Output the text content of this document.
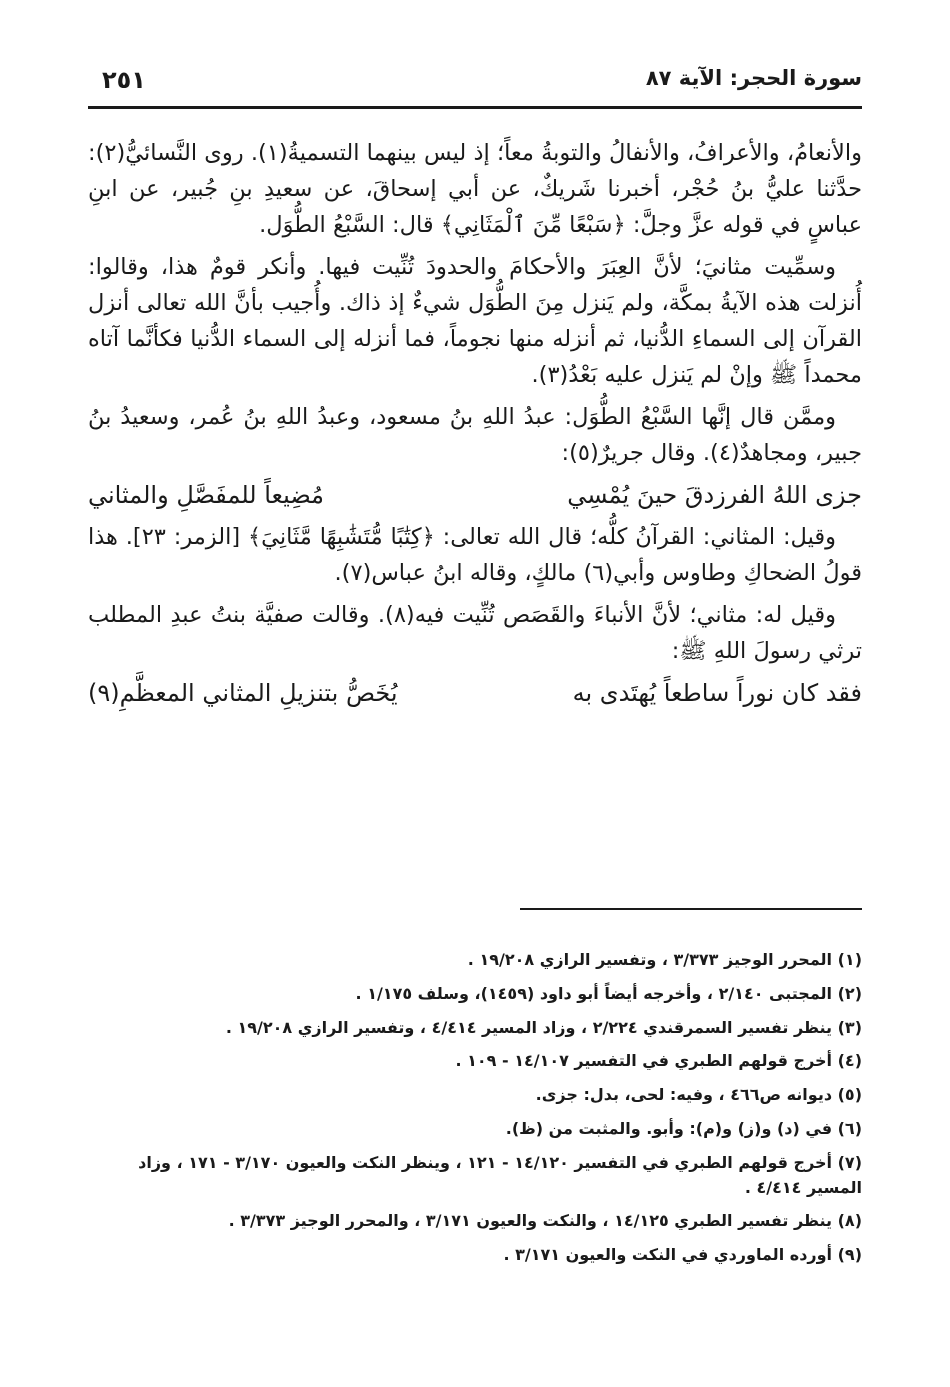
سورة الحجر: الآية ٨٧
٢٥١

والأنعامُ، والأعرافُ، والأنفالُ والتوبةُ معاً؛ إذ ليس بينهما التسميةُ(١). روى النَّسائيُّ(٢): حدَّثنا عليُّ بنُ حُجْر، أخبرنا شَريكٌ، عن أبي إسحاقَ، عن سعيدِ بنِ جُبير، عن ابنِ عباسٍ في قوله عزَّ وجلَّ: ﴿سَبْعًا مِّنَ ٱلْمَثَانِي﴾ قال: السَّبْعُ الطُّوَل.

وسمِّيت مثانيَ؛ لأنَّ العِبَرَ والأحكامَ والحدودَ تُنِّيت فيها. وأنكر قومٌ هذا، وقالوا: أُنزلت هذه الآيةُ بمكَّة، ولم يَنزل مِنَ الطُّوَل شيءٌ إذ ذاك. وأُجيب بأنَّ الله تعالى أنزل القرآن إلى السماءِ الدُّنيا، ثم أنزله منها نجوماً، فما أنزله إلى السماء الدُّنيا فكأنَّما آتاه محمداً ﷺ وإنْ لم يَنزل عليه بَعْدُ(٣).

وممَّن قال إنَّها السَّبْعُ الطُّوَل: عبدُ اللهِ بنُ مسعود، وعبدُ اللهِ بنُ عُمر، وسعيدُ بنُ جبير، ومجاهدٌ(٤). وقال جريرٌ(٥):

جزى اللهُ الفرزدقَ حينَ يُمْسِي
مُضِيعاً للمفَصَّلِ والمثاني

وقيل: المثاني: القرآنُ كلُّه؛ قال الله تعالى: ﴿كِتَٰبًا مُّتَشَٰبِهًا مَّثَانِيَ﴾ [الزمر: ٢٣]. هذا قولُ الضحاكِ وطاوس وأبي(٦) مالكٍ، وقاله ابنُ عباس(٧).

وقيل له: مثاني؛ لأنَّ الأنباءَ والقَصَص تُنِّيت فيه(٨). وقالت صفيَّة بنتُ عبدِ المطلب ترثي رسولَ اللهِ ﷺ:

فقد كان نوراً ساطعاً يُهتَدى به
يُخَصُّ بتنزيلِ المثاني المعظَّمِ(٩)
(١) المحرر الوجيز ٣/٣٧٣ ، وتفسير الرازي ١٩/٢٠٨ .
(٢) المجتبى ٢/١٤٠ ، وأخرجه أيضاً أبو داود (١٤٥٩)، وسلف ١/١٧٥ .
(٣) ينظر تفسير السمرقندي ٢/٢٢٤ ، وزاد المسير ٤/٤١٤ ، وتفسير الرازي ١٩/٢٠٨ .
(٤) أخرج قولهم الطبري في التفسير ١٤/١٠٧ - ١٠٩ .
(٥) ديوانه ص٤٦٦ ، وفيه: لحى، بدل: جزى.
(٦) في (د) و(ز) و(م): وأبو. والمثبت من (ظ).
(٧) أخرج قولهم الطبري في التفسير ١٤/١٢٠ - ١٢١ ، وينظر النكت والعيون ٣/١٧٠ - ١٧١ ، وزاد المسير ٤/٤١٤ .
(٨) ينظر تفسير الطبري ١٤/١٢٥ ، والنكت والعيون ٣/١٧١ ، والمحرر الوجيز ٣/٣٧٣ .
(٩) أورده الماوردي في النكت والعيون ٣/١٧١ .
